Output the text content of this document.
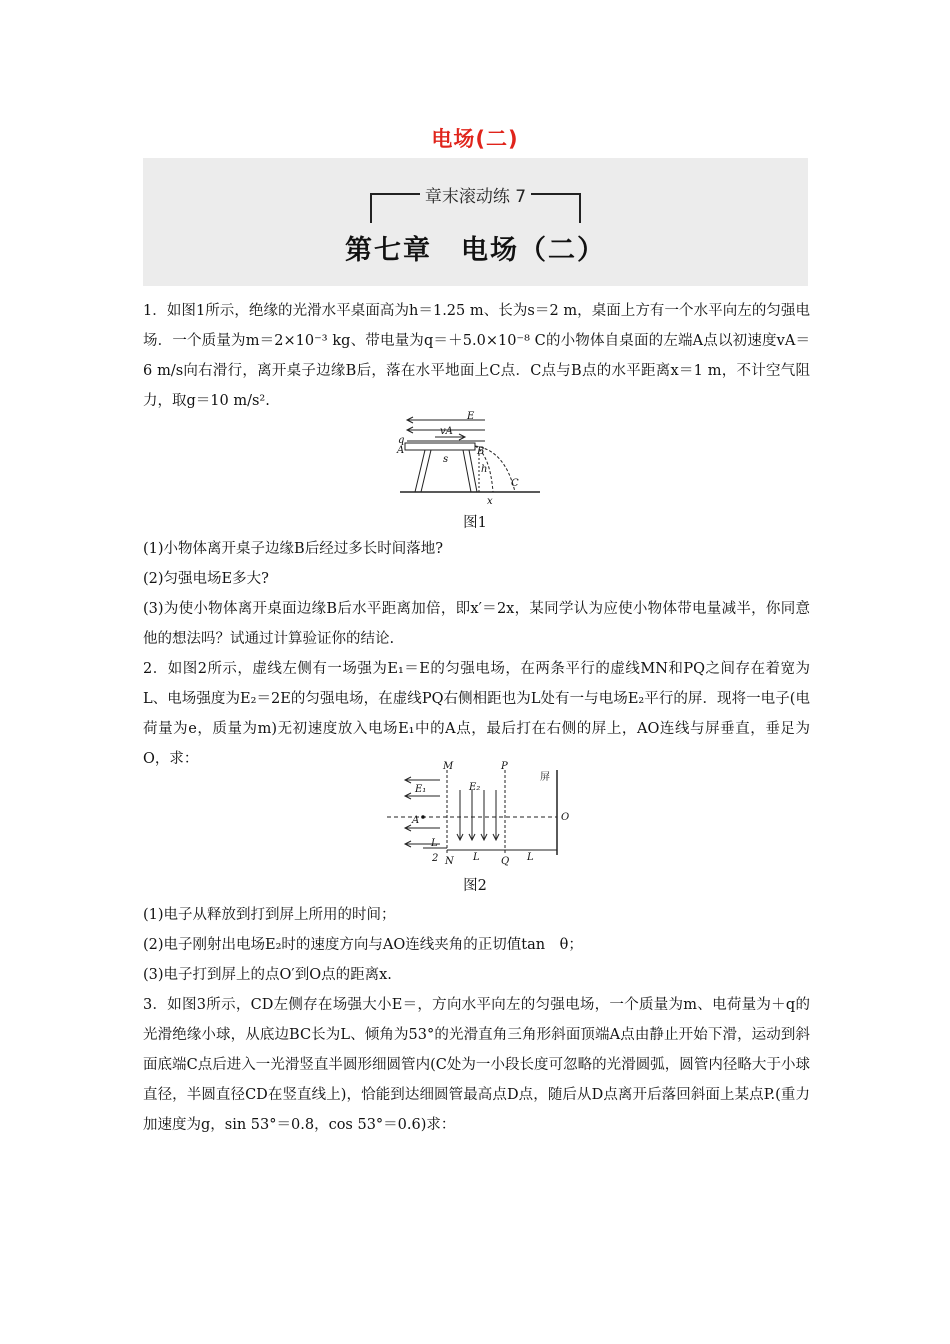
电场(二)
章末滚动练 7
第七章　电场（二）

1．如图1所示，绝缘的光滑水平桌面高为h＝1.25 m、长为s＝2 m，桌面上方有一个水平向左的匀强电场．一个质量为m＝2×10⁻³ kg、带电量为q＝＋5.0×10⁻⁸ C的小物体自桌面的左端A点以初速度vA＝6 m/s向右滑行，离开桌子边缘B后，落在水平地面上C点．C点与B点的水平距离x＝1 m，不计空气阻力，取g＝10 m/s².

E
vA
q
A	B
s
h
C
x
图1

(1)小物体离开桌子边缘B后经过多长时间落地?

(2)匀强电场E多大?

(3)为使小物体离开桌面边缘B后水平距离加倍，即x′＝2x，某同学认为应使小物体带电量减半，你同意他的想法吗？试通过计算验证你的结论.

2．如图2所示，虚线左侧有一场强为E₁＝E的匀强电场，在两条平行的虚线MN和PQ之间存在着宽为L、电场强度为E₂＝2E的匀强电场，在虚线PQ右侧相距也为L处有一与电场E₂平行的屏．现将一电子(电荷量为e，质量为m)无初速度放入电场E₁中的A点，最后打在右侧的屏上，AO连线与屏垂直，垂足为O，求：	M	P
E₁	E₂
A	O
L
2 N L Q L
屏
图2

(1)电子从释放到打到屏上所用的时间；

(2)电子刚射出电场E₂时的速度方向与AO连线夹角的正切值tan　θ；

(3)电子打到屏上的点O′到O点的距离x.

3．如图3所示，CD左侧存在场强大小E＝，方向水平向左的匀强电场，一个质量为m、电荷量为＋q的光滑绝缘小球，从底边BC长为L、倾角为53°的光滑直角三角形斜面顶端A点由静止开始下滑，运动到斜面底端C点后进入一光滑竖直半圆形细圆管内(C处为一小段长度可忽略的光滑圆弧，圆管内径略大于小球直径，半圆直径CD在竖直线上)，恰能到达细圆管最高点D点，随后从D点离开后落回斜面上某点P.(重力加速度为g，sin 53°＝0.8，cos 53°＝0.6)求：
